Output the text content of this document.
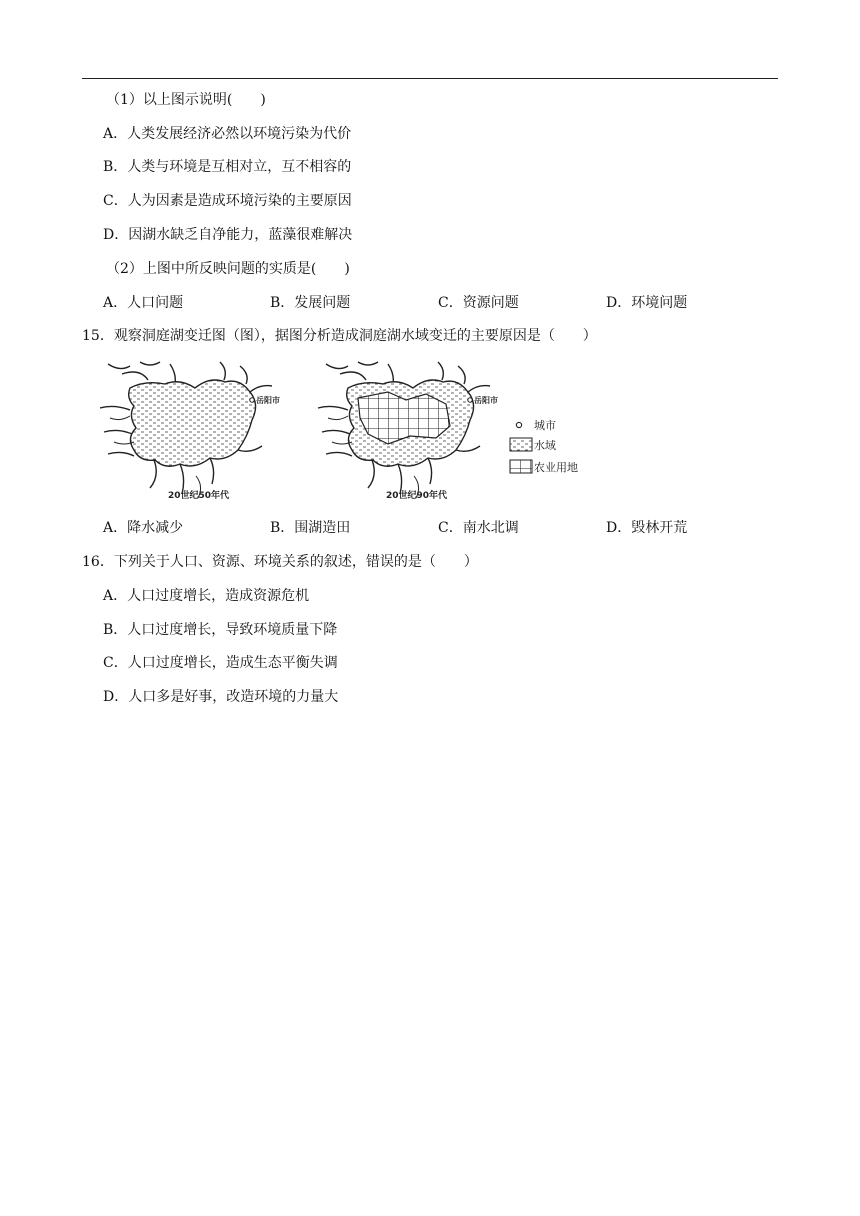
（1）以上图示说明(　　)
A．人类发展经济必然以环境污染为代价
B．人类与环境是互相对立，互不相容的
C．人为因素是造成环境污染的主要原因
D．因湖水缺乏自净能力，蓝藻很难解决
（2）上图中所反映问题的实质是(　　)
A．人口问题	B．发展问题	C．资源问题	D．环境问题
15．观察洞庭湖变迁图（图），据图分析造成洞庭湖水域变迁的主要原因是（　　）
岳阳市
20世纪50年代
岳阳市
20世纪90年代
城市
水域
农业用地
A．降水减少	B．围湖造田	C．南水北调	D．毁林开荒
16．下列关于人口、资源、环境关系的叙述，错误的是（　　）
A．人口过度增长，造成资源危机
B．人口过度增长，导致环境质量下降
C．人口过度增长，造成生态平衡失调
D．人口多是好事，改造环境的力量大
